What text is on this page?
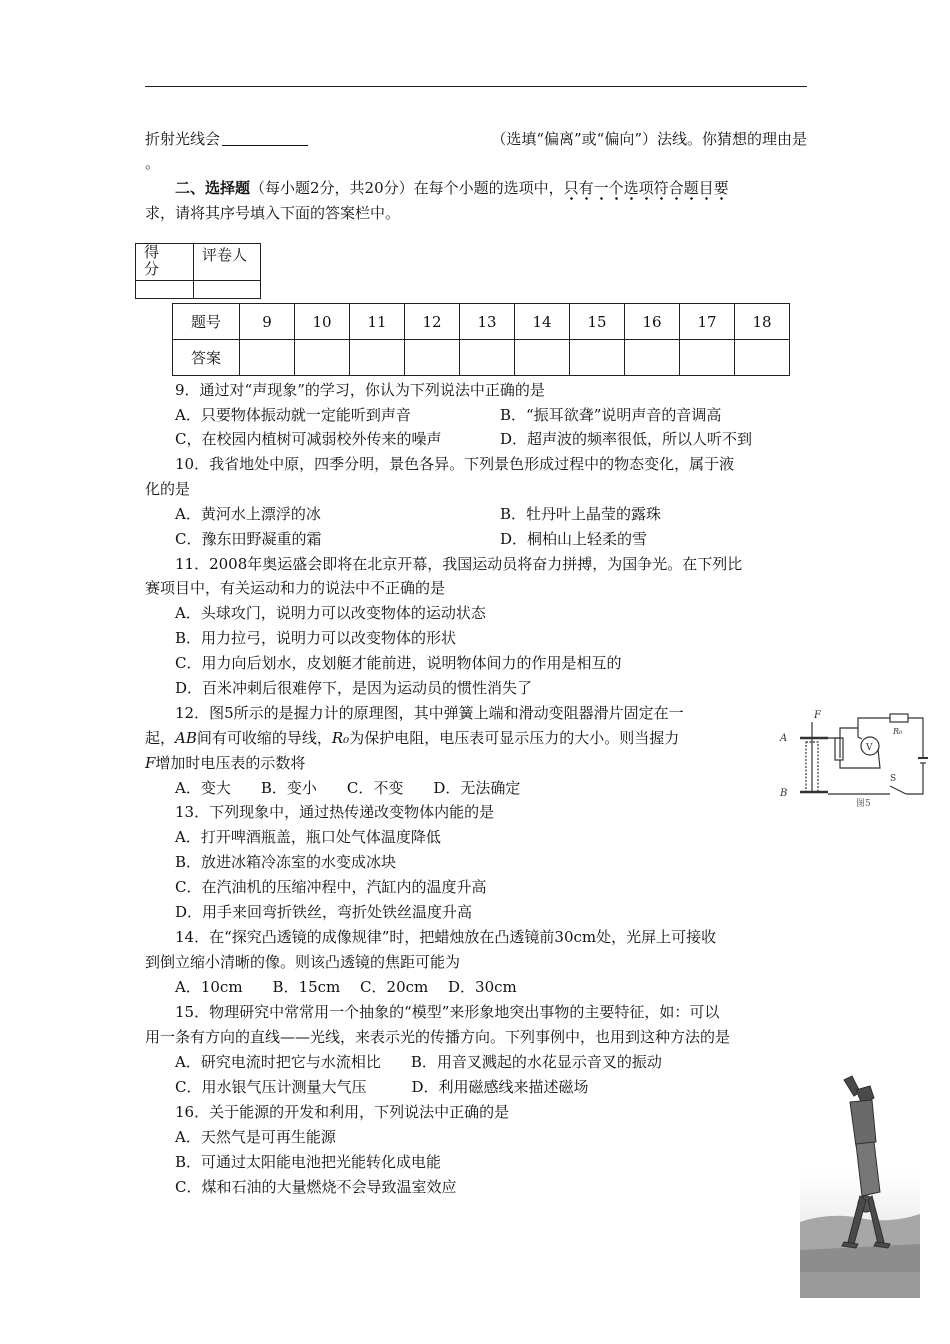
折射光线会	（选填“偏离”或“偏向”）法线。你猜想的理由是
。
二、选择题（每小题2分，共20分）在每个小题的选项中，只有一个选项符合题目要
求，请将其序号填入下面的答案栏中。
得分	评卷人

题号	9	10	11	12	13	14	15	16	17	18
答案										
9．通过对“声现象”的学习，你认为下列说法中正确的是
A．只要物体振动就一定能听到声音	B．“振耳欲聋”说明声音的音调高
C，在校园内植树可减弱校外传来的噪声	D．超声波的频率很低，所以人听不到
10．我省地处中原，四季分明，景色各异。下列景色形成过程中的物态变化，属于液
化的是
A．黄河水上漂浮的冰	B．牡丹叶上晶莹的露珠
C．豫东田野凝重的霜	D．桐柏山上轻柔的雪
11．2008年奥运盛会即将在北京开幕，我国运动员将奋力拼搏，为国争光。在下列比
赛项目中，有关运动和力的说法中不正确的是
A．头球攻门，说明力可以改变物体的运动状态
B．用力拉弓，说明力可以改变物体的形状
C．用力向后划水，皮划艇才能前进，说明物体间力的作用是相互的
D．百米冲刺后很难停下，是因为运动员的惯性消失了
12．图5所示的是握力计的原理图，其中弹簧上端和滑动变阻器滑片固定在一
起，AB间有可收缩的导线，R₀为保护电阻，电压表可显示压力的大小。则当握力
F增加时电压表的示数将
A．变大　　B．变小　　C．不变　　D．无法确定
F
A
B
R₀
V
S
图5
13．下列现象中，通过热传递改变物体内能的是
A．打开啤酒瓶盖，瓶口处气体温度降低
B．放进冰箱冷冻室的水变成冰块
C．在汽油机的压缩冲程中，汽缸内的温度升高
D．用手来回弯折铁丝，弯折处铁丝温度升高
14．在“探究凸透镜的成像规律”时，把蜡烛放在凸透镜前30cm处，光屏上可接收
到倒立缩小清晰的像。则该凸透镜的焦距可能为
A．10cm　　B．15cm　 C．20cm　 D．30cm
15．物理研究中常常用一个抽象的“模型”来形象地突出事物的主要特征，如：可以
用一条有方向的直线——光线，来表示光的传播方向。下列事例中，也用到这种方法的是
A．研究电流时把它与水流相比　　B．用音叉溅起的水花显示音叉的振动
C．用水银气压计测量大气压　　　D．利用磁感线来描述磁场
16．关于能源的开发和利用，下列说法中正确的是
A．天然气是可再生能源
B．可通过太阳能电池把光能转化成电能
C．煤和石油的大量燃烧不会导致温室效应
